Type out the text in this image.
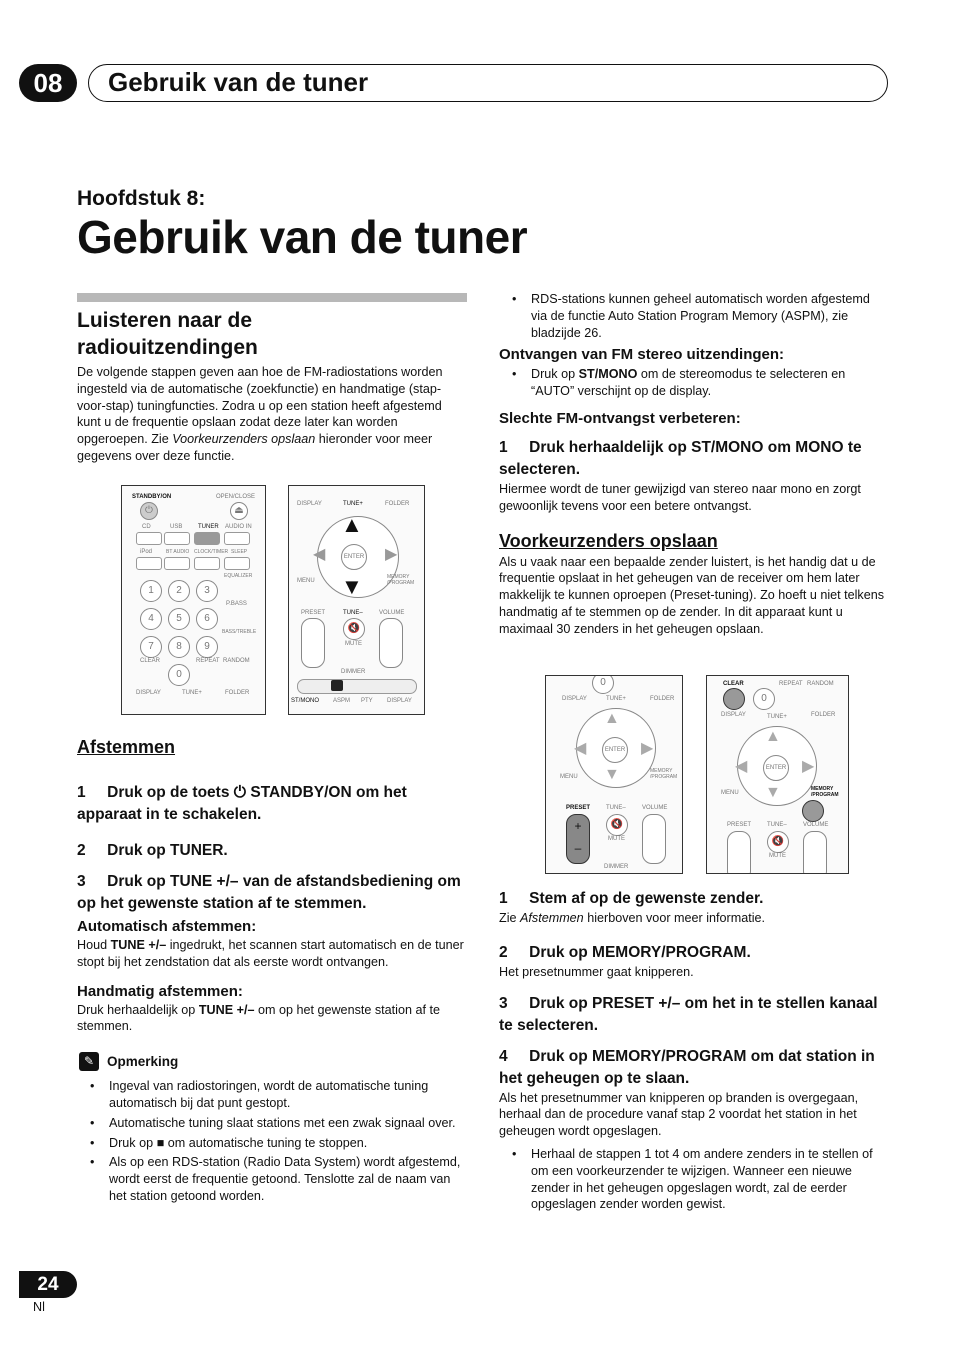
08	Gebruik van de tuner
Hoofdstuk 8:
Gebruik van de tuner
Luisteren naar de radiouitzendingen

De volgende stappen geven aan hoe de FM-radiostations worden ingesteld via de automatische (zoekfunctie) en handmatige (stap-voor-stap) tuningfuncties. Zodra u op een station heeft afgestemd kunt u de frequentie opslaan zodat deze later kan worden opgeroepen. Zie Voorkeurzenders opslaan hieronder voor meer gegevens over deze functie.

STANDBY/ON	OPEN/CLOSE
⏻	⏏
CD	USB	TUNER AUDIO IN
iPod	BT AUDIO CLOCK/TIMER SLEEP
1	2	3
EQUALIZER
4	5	6
P.BASS
7	8	9
BASS/TREBLE
CLEAR	REPEAT RANDOM
0
DISPLAY	TUNE+	FOLDER
DISPLAY	TUNE+	FOLDER
▲
▼
◀	▶
ENTER
MENU
MEMORY /PROGRAM
PRESET	TUNE–	VOLUME
🔇
MUTE
DIMMER
ST/MONO ASPM PTY DISPLAY
Afstemmen

1 Druk op de toets ⏻ STANDBY/ON om het apparaat in te schakelen.

2 Druk op TUNER.

3 Druk op TUNE +/– van de afstandsbediening om op het gewenste station af te stemmen.

Automatisch afstemmen:

Houd TUNE +/– ingedrukt, het scannen start automatisch en de tuner stopt bij het zendstation dat als eerste wordt ontvangen.

Handmatig afstemmen:

Druk herhaaldelijk op TUNE +/– om op het gewenste station af te stemmen.

✎ Opmerking

• Ingeval van radiostoringen, wordt de automatische tuning automatisch bij dat punt gestopt.

• Automatische tuning slaat stations met een zwak signaal over.

• Druk op ■ om automatische tuning te stoppen.

• Als op een RDS-station (Radio Data System) wordt afgestemd, wordt eerst de frequentie getoond. Tenslotte zal de naam van het station getoond worden.

• RDS-stations kunnen geheel automatisch worden afgestemd via de functie Auto Station Program Memory (ASPM), zie bladzijde 26.

Ontvangen van FM stereo uitzendingen:

• Druk op ST/MONO om de stereomodus te selecteren en “AUTO” verschijnt op de display.

Slechte FM-ontvangst verbeteren:

1 Druk herhaaldelijk op ST/MONO om MONO te selecteren.

Hiermee wordt de tuner gewijzigd van stereo naar mono en zorgt gewoonlijk tevens voor een betere ontvangst.

Voorkeurzenders opslaan

Als u vaak naar een bepaalde zender luistert, is het handig dat u de frequentie opslaat in het geheugen van de receiver om hem later makkelijk te kunnen oproepen (Preset-tuning). Zo hoeft u niet telkens handmatig af te stemmen op de zender. In dit apparaat kunt u maximaal 30 zenders in het geheugen opslaan.

0
DISPLAY	TUNE+	FOLDER
▲
▼
◀	▶
ENTER
MENU
MEMORY /PROGRAM
PRESET	TUNE–	VOLUME
+
–
🔇
MUTE
DIMMER
CLEAR	REPEAT RANDOM
0
DISPLAY	TUNE+	FOLDER
▲
▼
◀	▶
ENTER
MENU
MEMORY /PROGRAM
PRESET	TUNE–	VOLUME
🔇
MUTE

1 Stem af op de gewenste zender.

Zie Afstemmen hierboven voor meer informatie.

2 Druk op MEMORY/PROGRAM.

Het presetnummer gaat knipperen.

3 Druk op PRESET +/– om het in te stellen kanaal te selecteren.

4 Druk op MEMORY/PROGRAM om dat station in het geheugen op te slaan.

Als het presetnummer van knipperen op branden is overgegaan, herhaal dan de procedure vanaf stap 2 voordat het station in het geheugen wordt opgeslagen.

• Herhaal de stappen 1 tot 4 om andere zenders in te stellen of om een voorkeurzender te wijzigen. Wanneer een nieuwe zender in het geheugen opgeslagen wordt, zal de eerder opgeslagen zender worden gewist.

24
Nl
